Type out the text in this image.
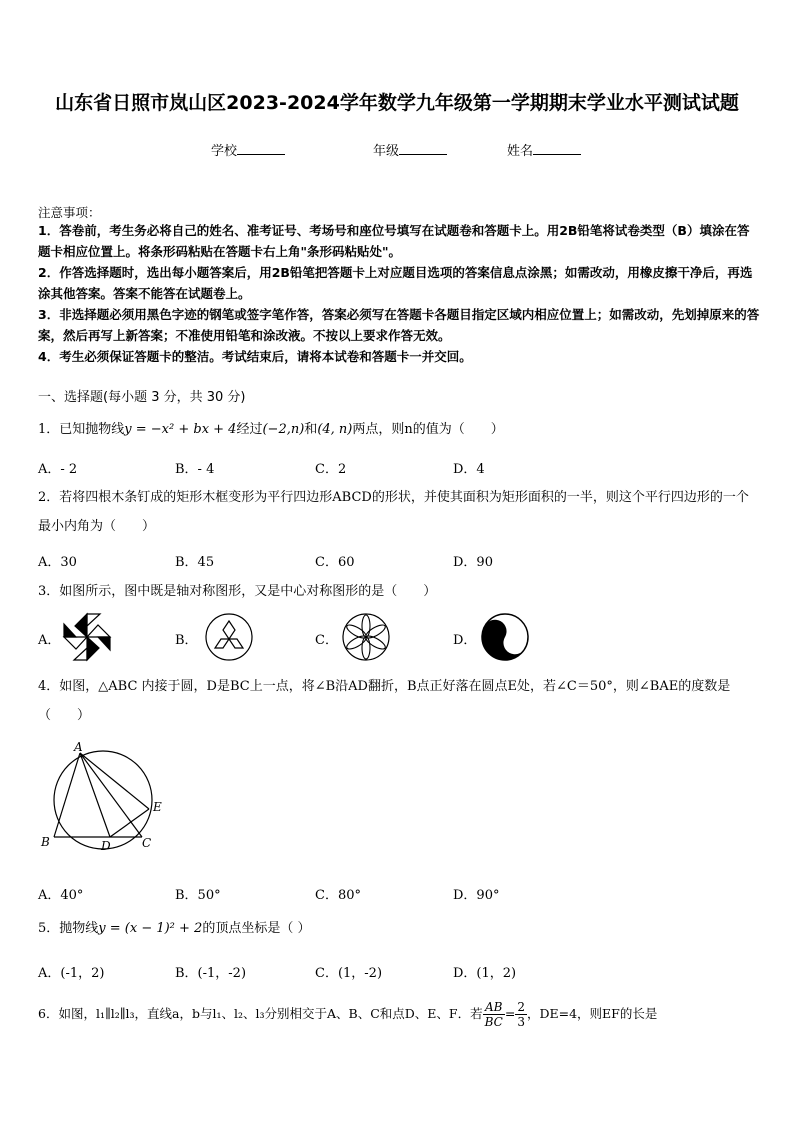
山东省日照市岚山区2023-2024学年数学九年级第一学期期末学业水平测试试题
学校	年级	姓名
注意事项：
1．答卷前，考生务必将自己的姓名、准考证号、考场号和座位号填写在试题卷和答题卡上。用2B铅笔将试卷类型（B）填涂在答题卡相应位置上。将条形码粘贴在答题卡右上角"条形码粘贴处"。
2．作答选择题时，选出每小题答案后，用2B铅笔把答题卡上对应题目选项的答案信息点涂黑；如需改动，用橡皮擦干净后，再选涂其他答案。答案不能答在试题卷上。
3．非选择题必须用黑色字迹的钢笔或签字笔作答，答案必须写在答题卡各题目指定区域内相应位置上；如需改动，先划掉原来的答案，然后再写上新答案；不准使用铅笔和涂改液。不按以上要求作答无效。
4．考生必须保证答题卡的整洁。考试结束后，请将本试卷和答题卡一并交回。
一、选择题(每小题 3 分，共 30 分)
1．已知抛物线y = −x² + bx + 4经过(−2,n)和(4, n)两点，则n的值为（　　）
A．- 2	B．- 4	C．2	D．4
2．若将四根木条钉成的矩形木框变形为平行四边形ABCD的形状，并使其面积为矩形面积的一半，则这个平行四边形的一个最小内角为（　　）
A．30	B．45	C．60	D．90
3．如图所示，图中既是轴对称图形，又是中心对称图形的是（　　）
A．	B．	C．	D．
4．如图，△ABC 内接于圆，D是BC上一点，将∠B沿AD翻折，B点正好落在圆点E处，若∠C＝50°，则∠BAE的度数是（　　）
A
B	C
D
E
A．40°	B．50°	C．80°	D．90°
5．抛物线y = (x − 1)² + 2的顶点坐标是（ ）
A．(-1，2)	B．(-1，-2)	C．(1，-2)	D．(1，2)
6．如图，l₁∥l₂∥l₃，直线a，b与l₁、l₂、l₃分别相交于A、B、C和点D、E、F．若 $\frac{AB}{BC} = \frac{2}{3}$ ，DE=4，则EF的长是
